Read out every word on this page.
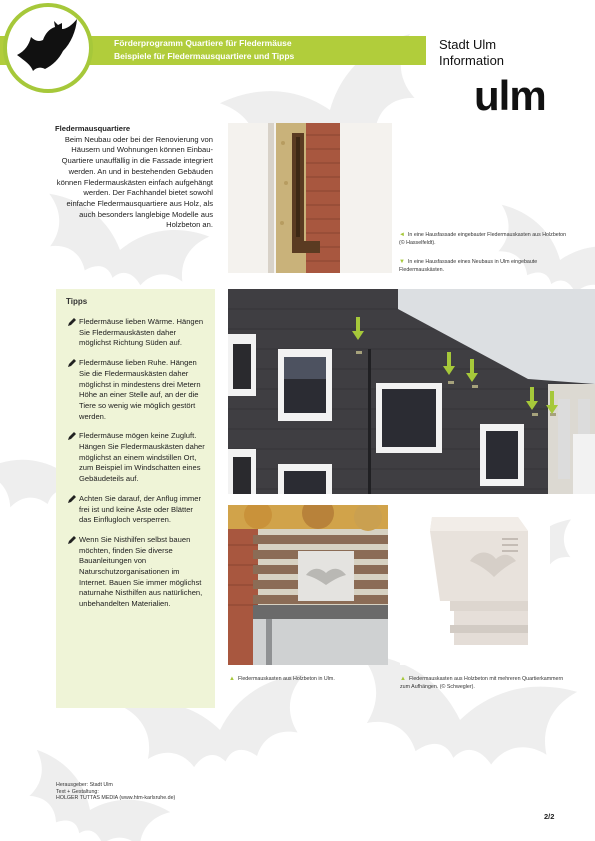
Förderprogramm Quartiere für Fledermäuse
Beispiele für Fledermausquartiere und Tipps
Stadt Ulm
Information
ulm
Fledermausquartiere
Beim Neubau oder bei der Renovierung von Häusern und Wohnungen können Einbau-Quartiere unauffällig in die Fassade integriert werden. An und in bestehenden Gebäuden können Fledermauskästen einfach aufgehängt werden. Der Fachhandel bietet sowohl einfache Fledermausquartiere aus Holz, als auch besonders langlebige Modelle aus Holzbeton an.
◄ In eine Hausfassade eingebauter Fledermauskasten aus Holzbeton (© Hasselfeldt).
▼ In eine Hausfassade eines Neubaus in Ulm eingebaute Fledermauskästen.
Tipps
Fledermäuse lieben Wärme. Hängen Sie Fledermauskästen daher möglichst Richtung Süden auf.
Fledermäuse lieben Ruhe. Hängen Sie die Fledermauskästen daher möglichst in mindestens drei Metern Höhe an einer Stelle auf, an der die Tiere so wenig wie möglich gestört werden.
Fledermäuse mögen keine Zugluft. Hängen Sie Fledermauskästen daher möglichst an einem windstillen Ort, zum Beispiel im Windschatten eines Gebäudeteils auf.
Achten Sie darauf, der Anflug immer frei ist und keine Äste oder Blätter das Einflugloch versperren.
Wenn Sie Nisthilfen selbst bauen möchten, finden Sie diverse Bauanleitungen von Naturschutzorganisationen im Internet. Bauen Sie immer möglichst naturnahe Nisthilfen aus natürlichen, unbehandelten Materialien.
▲ Fledermauskasten aus Holzbeton in Ulm.	▲ Fledermauskasten aus Holzbeton mit mehreren Quartierkammern zum Aufhängen. (© Schwegler).
Herausgeber: Stadt Ulm
Text + Gestaltung:
HOLGER TUTTAS MEDIA (www.htm-karlsruhe.de)
2/2
